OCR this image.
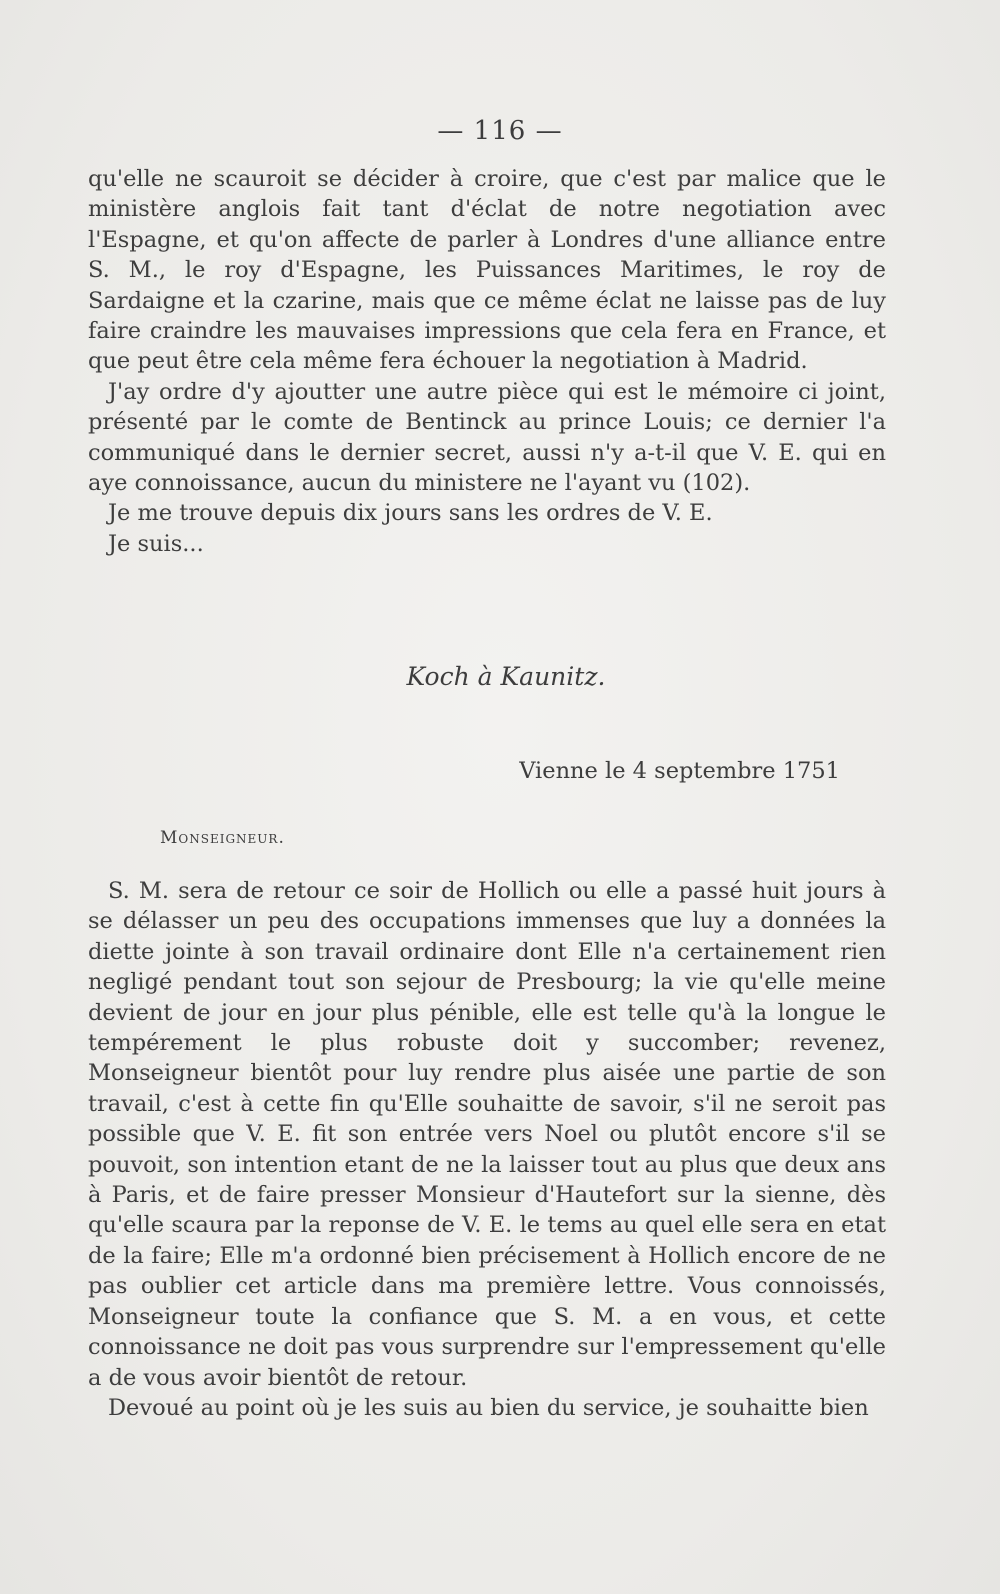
— 116 —

qu'elle ne scauroit se décider à croire, que c'est par malice que le ministère anglois fait tant d'éclat de notre negotiation avec l'Espagne, et qu'on affecte de parler à Londres d'une alliance entre S. M., le roy d'Espagne, les Puissances Maritimes, le roy de Sardaigne et la czarine, mais que ce même éclat ne laisse pas de luy faire craindre les mauvaises impressions que cela fera en France, et que peut être cela même fera échouer la negotiation à Madrid.

J'ay ordre d'y ajoutter une autre pièce qui est le mémoire ci joint, présenté par le comte de Bentinck au prince Louis; ce dernier l'a communiqué dans le dernier secret, aussi n'y a-t-il que V. E. qui en aye connoissance, aucun du ministere ne l'ayant vu (102).

Je me trouve depuis dix jours sans les ordres de V. E.

Je suis...

Koch à Kaunitz.
Vienne le 4 septembre 1751
Monseigneur.

S. M. sera de retour ce soir de Hollich ou elle a passé huit jours à se délasser un peu des occupations immenses que luy a données la diette jointe à son travail ordinaire dont Elle n'a certainement rien negligé pendant tout son sejour de Presbourg; la vie qu'elle meine devient de jour en jour plus pénible, elle est telle qu'à la longue le tempérement le plus robuste doit y succomber; revenez, Monseigneur bientôt pour luy rendre plus aisée une partie de son travail, c'est à cette fin qu'Elle souhaitte de savoir, s'il ne seroit pas possible que V. E. fit son entrée vers Noel ou plutôt encore s'il se pouvoit, son intention etant de ne la laisser tout au plus que deux ans à Paris, et de faire presser Monsieur d'Hautefort sur la sienne, dès qu'elle scaura par la reponse de V. E. le tems au quel elle sera en etat de la faire; Elle m'a ordonné bien précisement à Hollich encore de ne pas oublier cet article dans ma première lettre. Vous connoissés, Monseigneur toute la confiance que S. M. a en vous, et cette connoissance ne doit pas vous surprendre sur l'empressement qu'elle a de vous avoir bientôt de retour.

Devoué au point où je les suis au bien du service, je souhaitte bien
